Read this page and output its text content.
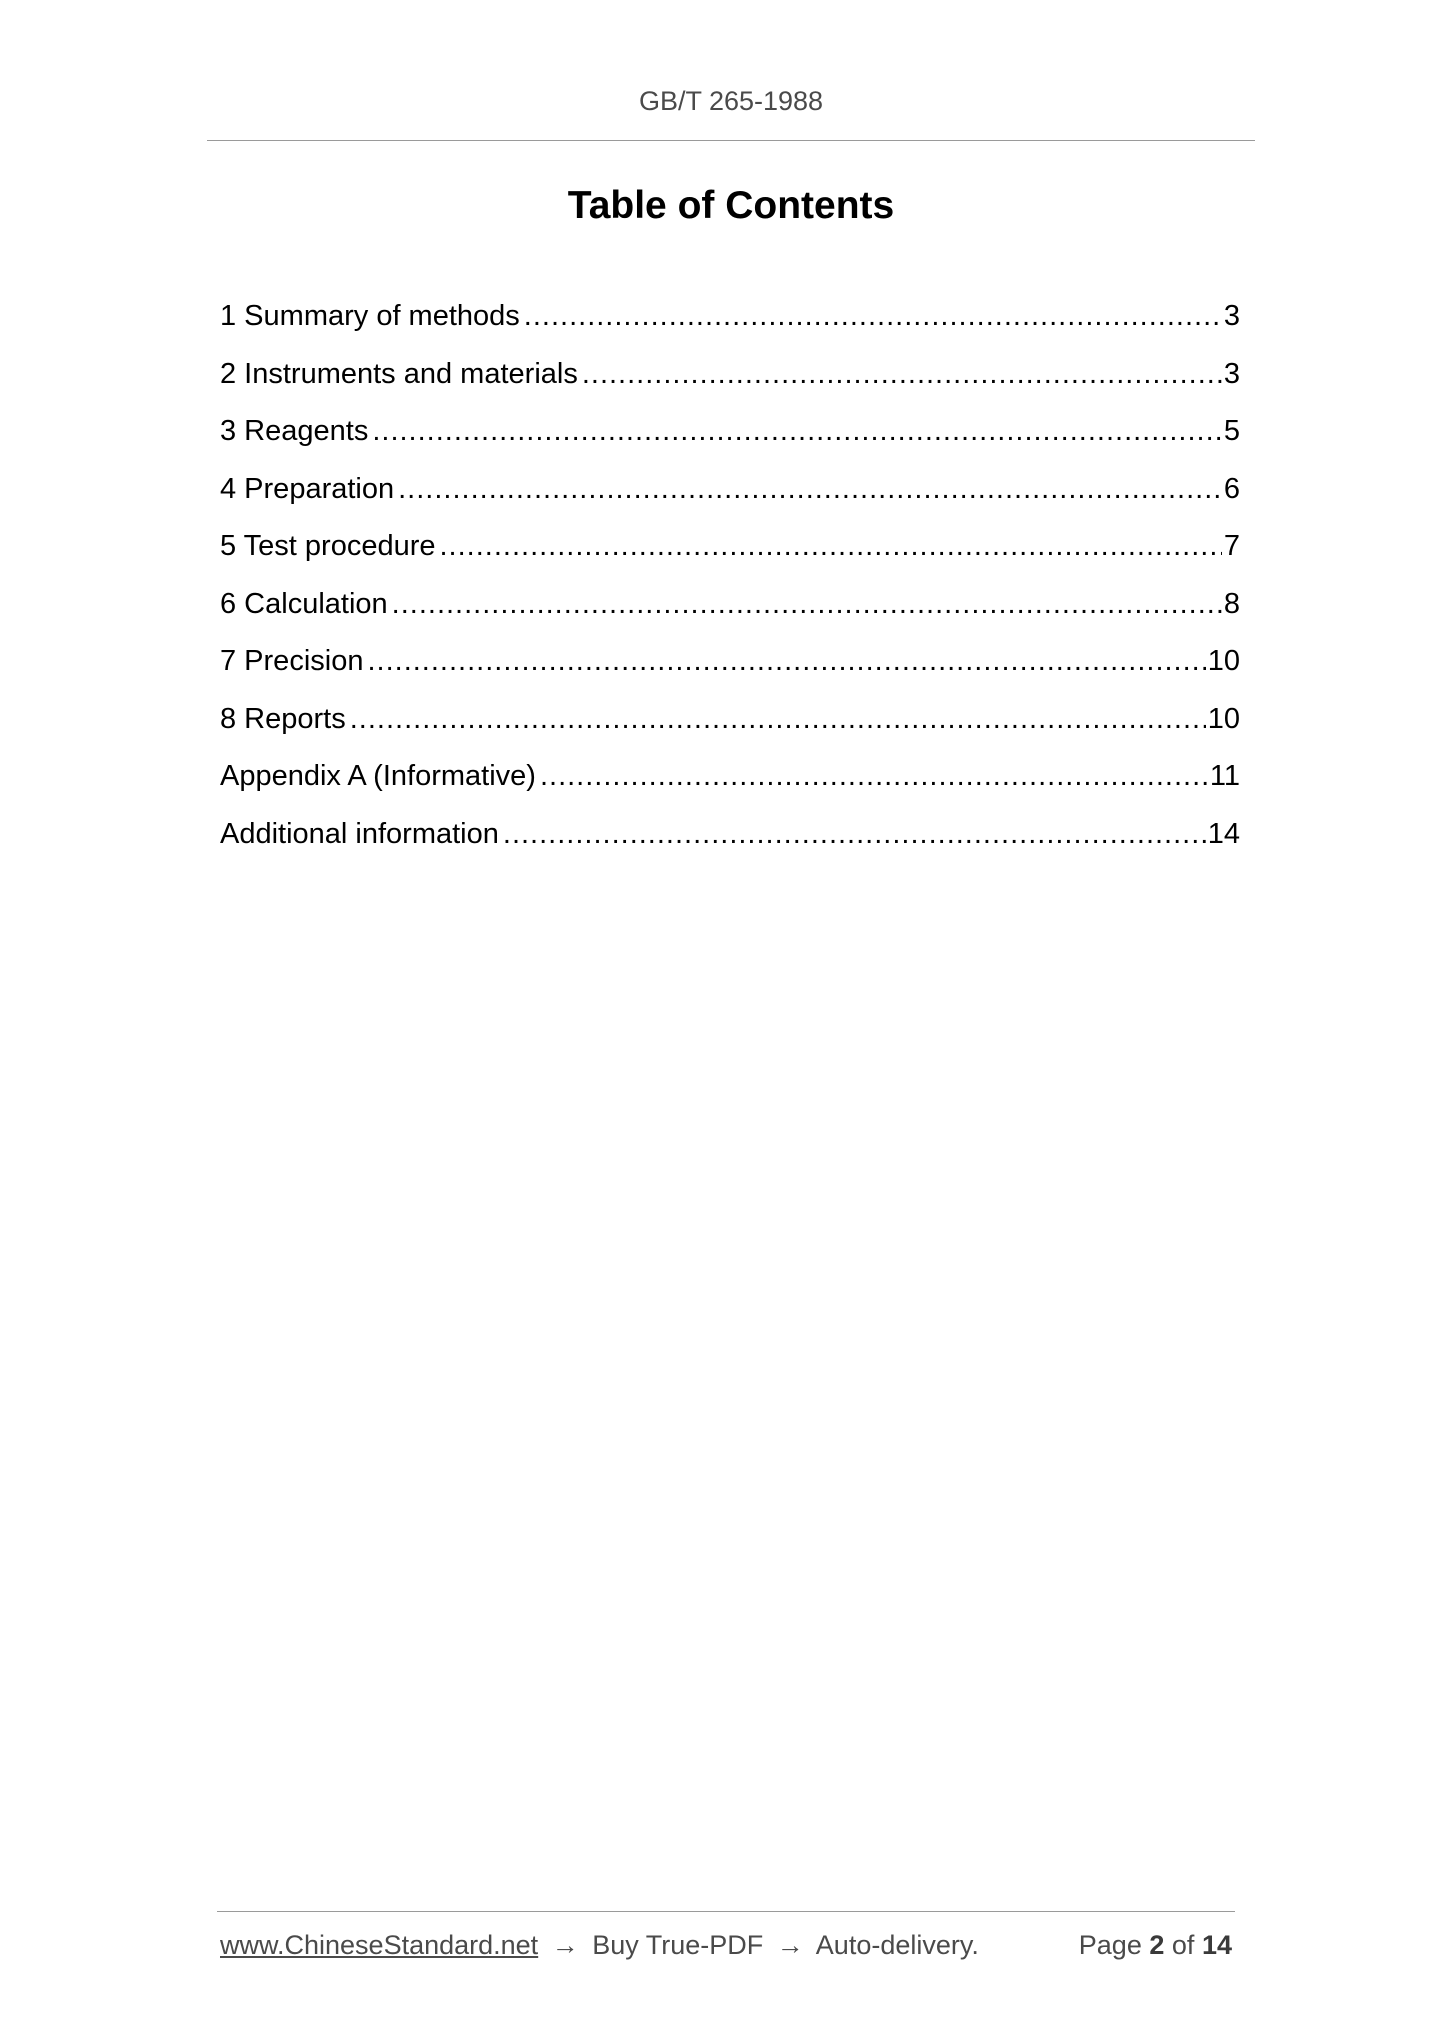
GB/T 265-1988
Table of Contents
1 Summary of methods .....	3
2 Instruments and materials .....	3
3 Reagents .....	5
4 Preparation .....	6
5 Test procedure .....	7
6 Calculation .....	8
7 Precision .....	10
8 Reports .....	10
Appendix A (Informative) .....	11
Additional information .....	14
www.ChineseStandard.net → Buy True-PDF → Auto-delivery.	Page 2 of 14
